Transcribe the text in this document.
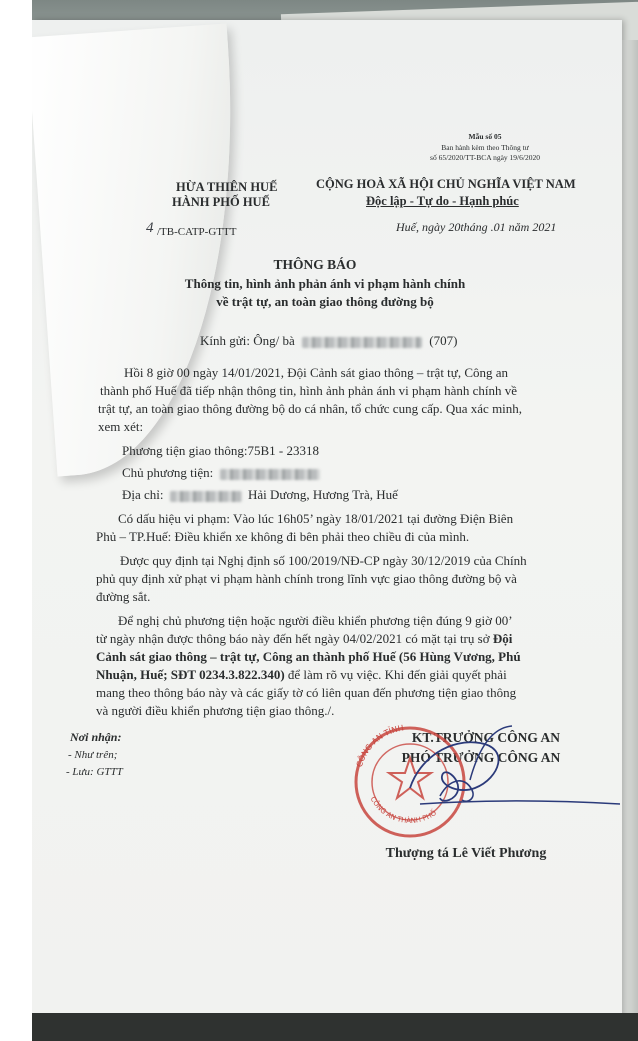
Mẫu số 05
Ban hành kèm theo Thông tư
số 65/2020/TT-BCA ngày 19/6/2020
HỪA THIÊN HUẾ
HÀNH PHỐ HUẾ
4 /TB-CATP-GTTT
CỘNG HOÀ XÃ HỘI CHỦ NGHĨA VIỆT NAM
Độc lập - Tự do - Hạnh phúc
Huế, ngày 20tháng .01 năm 2021
THÔNG BÁO
Thông tin, hình ảnh phản ánh vi phạm hành chính
về trật tự, an toàn giao thông đường bộ
Kính gửi: Ông/ bà	(707)
Hồi 8 giờ 00 ngày 14/01/2021, Đội Cảnh sát giao thông – trật tự, Công an
thành phố Huế đã tiếp nhận thông tin, hình ảnh phản ánh vi phạm hành chính về
trật tự, an toàn giao thông đường bộ do cá nhân, tổ chức cung cấp. Qua xác minh,
xem xét:
Phương tiện giao thông:75B1 - 23318
Chủ phương tiện:
Địa chỉ:	Hải Dương, Hương Trà, Huế
Có dấu hiệu vi phạm: Vào lúc 16h05’ ngày 18/01/2021 tại đường Điện Biên
Phủ – TP.Huế: Điều khiển xe không đi bên phải theo chiều đi của mình.
Được quy định tại Nghị định số 100/2019/NĐ-CP ngày 30/12/2019 của Chính
phủ quy định xử phạt vi phạm hành chính trong lĩnh vực giao thông đường bộ và
đường sắt.
Để nghị chủ phương tiện hoặc người điều khiển phương tiện đúng 9 giờ 00’
từ ngày nhận được thông báo này đến hết ngày 04/02/2021 có mặt tại trụ sở Đội
Cảnh sát giao thông – trật tự, Công an thành phố Huế (56 Hùng Vương, Phú
Nhuận, Huế; SĐT 0234.3.822.340) để làm rõ vụ việc. Khi đến giải quyết phải
mang theo thông báo này và các giấy tờ có liên quan đến phương tiện giao thông
và người điều khiển phương tiện giao thông./.
Nơi nhận:
- Như trên;
- Lưu: GTTT
KT.TRƯỞNG CÔNG AN
PHÓ TRƯỞNG CÔNG AN
CÔNG AN TỈNH
CÔNG AN THÀNH PHỐ
Thượng tá Lê Viết Phương
